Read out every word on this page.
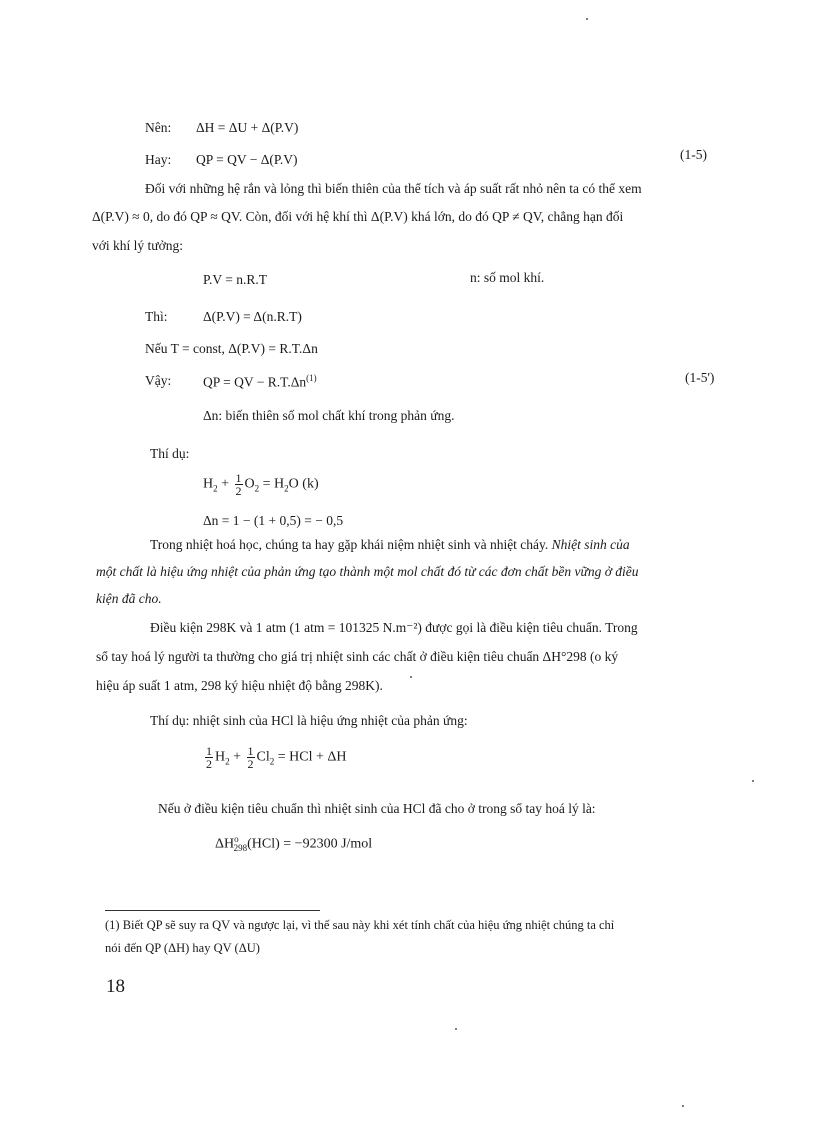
Nên: ΔH = ΔU + Δ(P.V)
Hay: QP = QV − Δ(P.V)	(1-5)
Đối với những hệ rắn và lỏng thì biến thiên của thể tích và áp suất rất nhỏ nên ta có thể xem
Δ(P.V) ≈ 0, do đó QP ≈ QV. Còn, đối với hệ khí thì Δ(P.V) khá lớn, do đó QP ≠ QV, chẳng hạn đối
với khí lý tưởng:
P.V = n.R.T	n: số mol khí.
Thì:	Δ(P.V) = Δ(n.R.T)
Nếu T = const, Δ(P.V) = R.T.Δn
Vậy: QP = QV − $R.T.\Delta n^{(1)}$	(1-5')
Δn: biến thiên số mol chất khí trong phản ứng.
Thí dụ:
$H_2 + \frac{1}{2} O_2 = H_2O$ (k)
Δn = 1 − (1 + 0,5) = − 0,5
Trong nhiệt hoá học, chúng ta hay gặp khái niệm nhiệt sinh và nhiệt cháy. Nhiệt sinh của
một chất là hiệu ứng nhiệt của phản ứng tạo thành một mol chất đó từ các đơn chất bền vững ở điều
kiện đã cho.
Điều kiện 298K và 1 atm (1 atm = 101325 N.m⁻²) được gọi là điều kiện tiêu chuẩn. Trong
sổ tay hoá lý người ta thường cho giá trị nhiệt sinh các chất ở điều kiện tiêu chuẩn ΔH°298 (o ký
hiệu áp suất 1 atm, 298 ký hiệu nhiệt độ bằng 298K).
Thí dụ: nhiệt sinh của HCl là hiệu ứng nhiệt của phản ứng:
$\frac{1}{2} H_2 + \frac{1}{2} Cl_2$ = HCl + ΔH
Nếu ở điều kiện tiêu chuẩn thì nhiệt sinh của HCl đã cho ở trong sổ tay hoá lý là:
$\Delta H^o_{298}(HCl) = -92300$ J/mol
(1) Biết QP sẽ suy ra QV và ngược lại, vì thế sau này khi xét tính chất của hiệu ứng nhiệt chúng ta chỉ
nói đến QP (ΔH) hay QV (ΔU)
18
